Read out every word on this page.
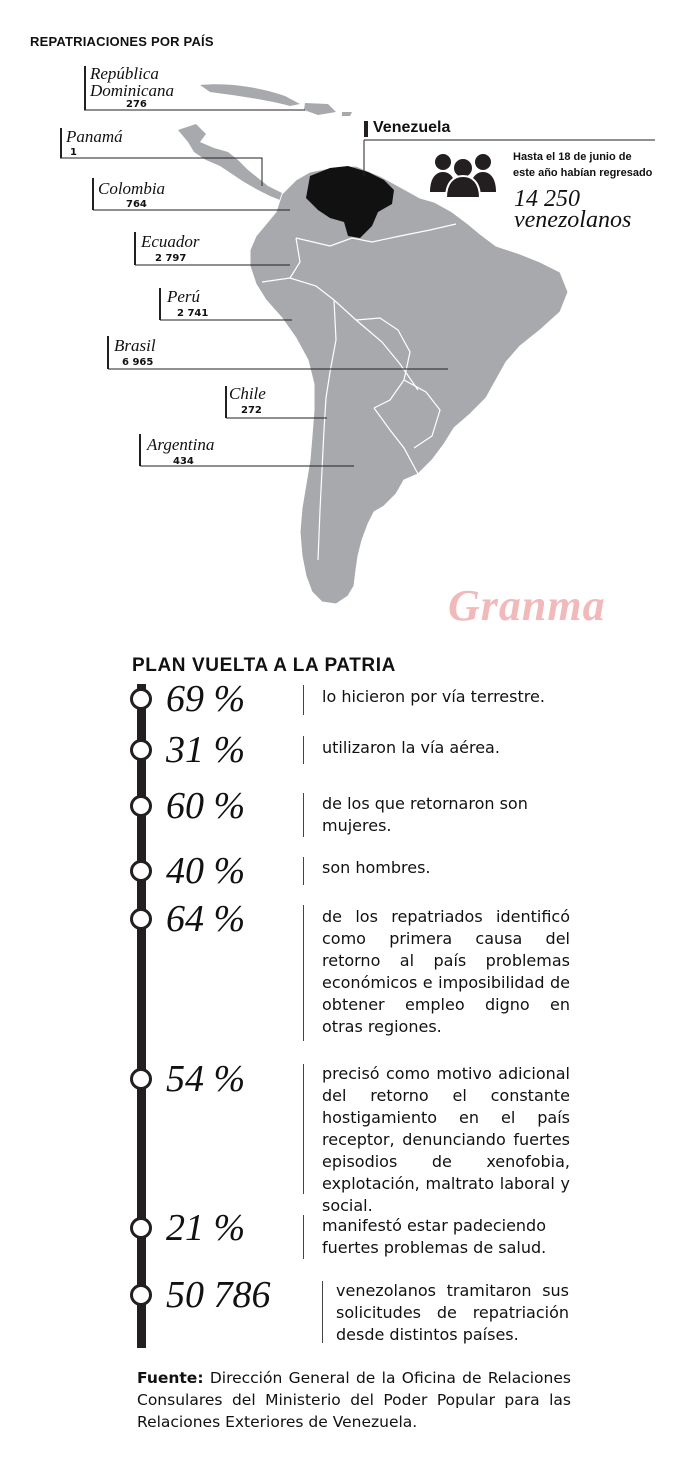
REPATRIACIONES POR PAÍS
República Dominicana
276
Panamá
1
Colombia
764
Ecuador
2 797
Perú
2 741
Brasil
6 965
Chile
272
Argentina
434
Venezuela
Hasta el 18 de junio de
este año habían regresado
14 250
venezolanos
Granma
PLAN VUELTA A LA PATRIA
69 %	lo hicieron por vía terrestre.
31 %	utilizaron la vía aérea.
60 %	de los que retornaron son mujeres.
40 %	son hombres.
64 %	de los repatriados identificó como primera causa del retorno al país problemas económicos e imposibilidad de obtener empleo digno en otras regiones.
54 %	precisó como motivo adicional del retorno el constante hostigamiento en el país receptor, denunciando fuertes episodios de xenofobia, explotación, maltrato laboral y social.
21 %	manifestó estar padeciendo fuertes problemas de salud.
50 786	venezolanos tramitaron sus solicitudes de repatriación desde distintos países.
Fuente: Dirección General de la Oficina de Relaciones Consulares del Ministerio del Poder Popular para las Relaciones Exteriores de Venezuela.
